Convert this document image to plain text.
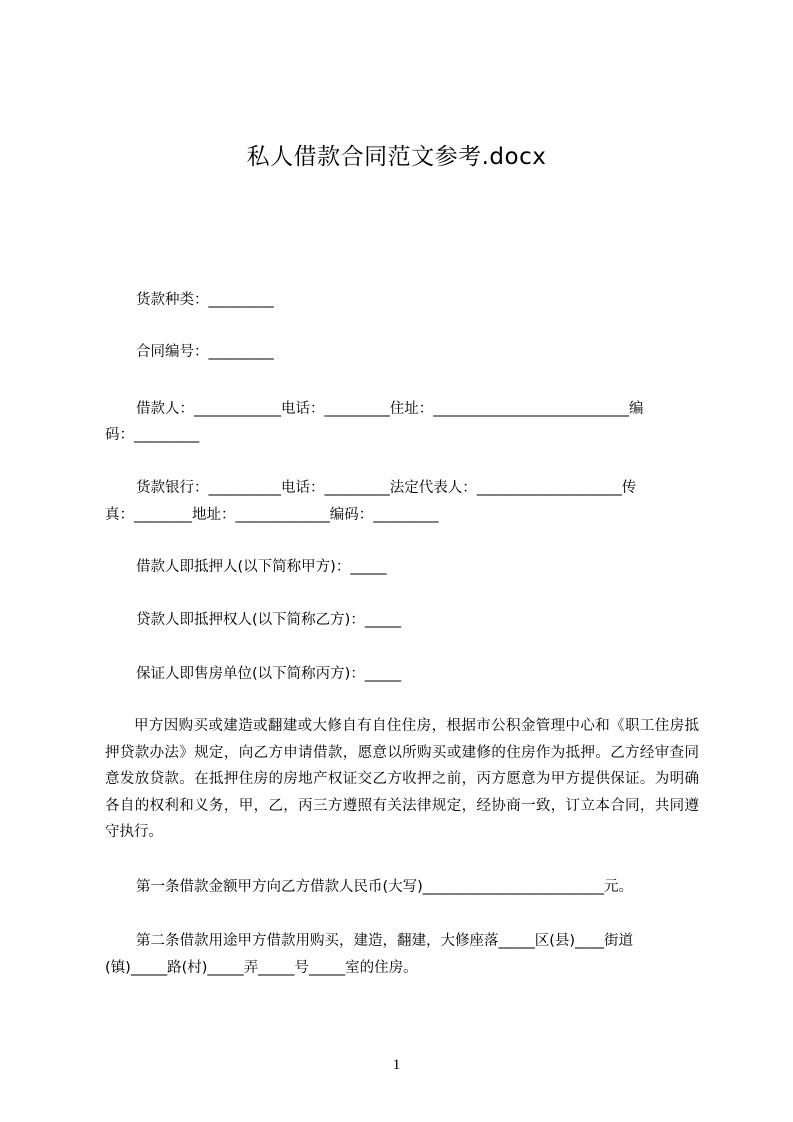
私人借款合同范文参考.docx
货款种类：_________
合同编号：_________
借款人：____________电话：_________住址：___________________________编
码：_________
货款银行：__________电话：_________法定代表人：____________________传
真：________地址：_____________编码：_________
借款人即抵押人(以下简称甲方)：_____
贷款人即抵押权人(以下简称乙方)：_____
保证人即售房单位(以下简称丙方)：_____
甲方因购买或建造或翻建或大修自有自住住房，根据市公积金管理中心和《职工住房抵押贷款办法》规定，向乙方申请借款，愿意以所购买或建修的住房作为抵押。乙方经审查同意发放贷款。在抵押住房的房地产权证交乙方收押之前，丙方愿意为甲方提供保证。为明确各自的权利和义务，甲，乙，丙三方遵照有关法律规定，经协商一致，订立本合同，共同遵守执行。
第一条借款金额甲方向乙方借款人民币(大写)_________________________元。
第二条借款用途甲方借款用购买，建造，翻建，大修座落_____区(县)____街道
(镇)_____路(村)_____弄_____号_____室的住房。
1
